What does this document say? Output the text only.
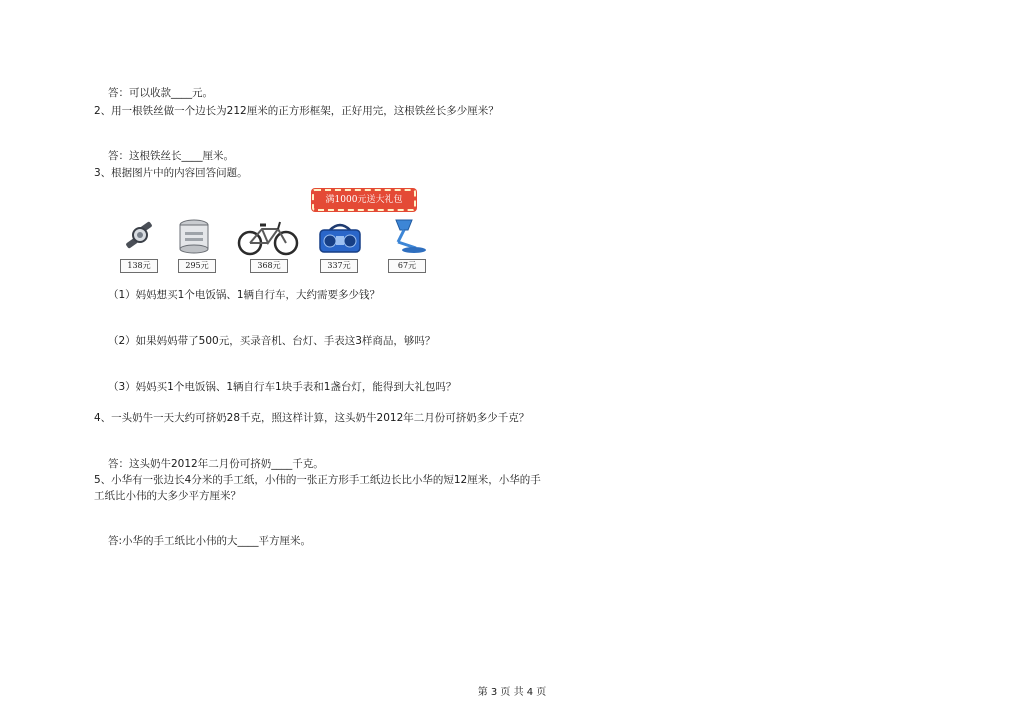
答：可以收款____元。
2、用一根铁丝做一个边长为212厘米的正方形框架，正好用完，这根铁丝长多少厘米？
答：这根铁丝长____厘米。
3、根据图片中的内容回答问题。
满1000元送大礼包
138元	295元	368元	337元	67元
（1）妈妈想买1个电饭锅、1辆自行车，大约需要多少钱？
（2）如果妈妈带了500元，买录音机、台灯、手表这3样商品，够吗？
（3）妈妈买1个电饭锅、1辆自行车1块手表和1盏台灯，能得到大礼包吗？
4、一头奶牛一天大约可挤奶28千克，照这样计算，这头奶牛2012年二月份可挤奶多少千克？
答：这头奶牛2012年二月份可挤奶____千克。
5、小华有一张边长4分米的手工纸，小伟的一张正方形手工纸边长比小华的短12厘米，小华的手
工纸比小伟的大多少平方厘米？
答:小华的手工纸比小伟的大____平方厘米。
第 3 页 共 4 页
